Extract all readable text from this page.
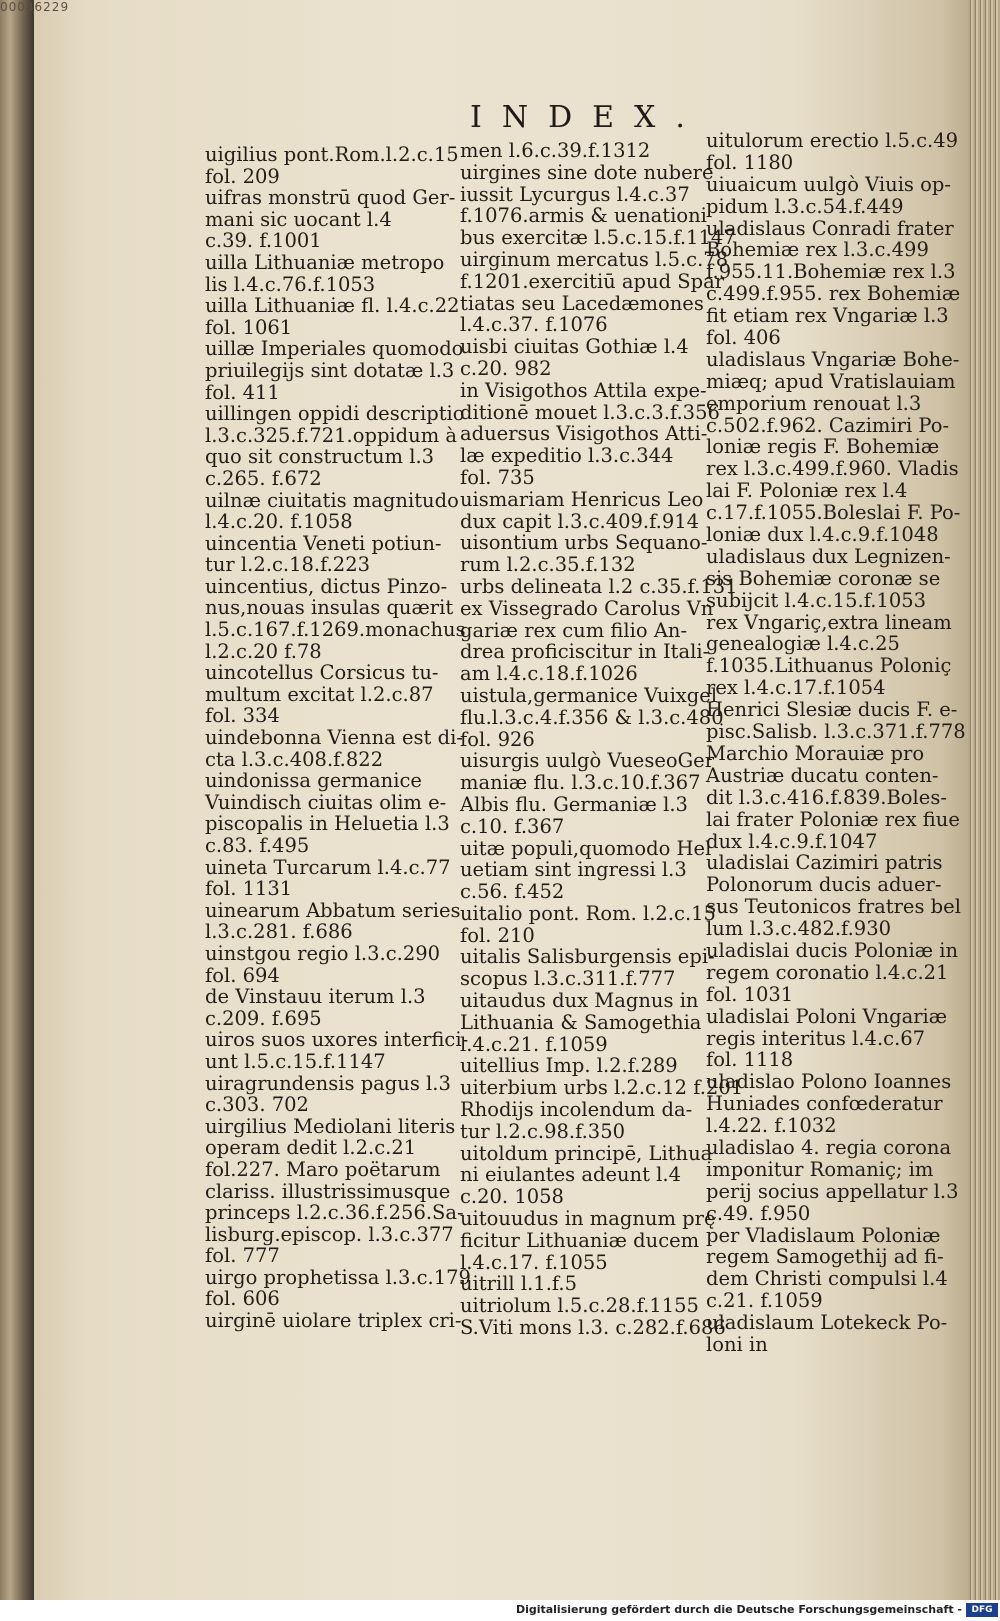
00036229
INDEX.
uigilius pont.Rom.l.2.c.15
fol. 209
uifras monstrū quod Ger-
mani sic uocant l.4
c.39. f.1001
uilla Lithuaniæ metropo
lis l.4.c.76.f.1053
uilla Lithuaniæ fl. l.4.c.22
fol. 1061
uillæ Imperiales quomodo
priuilegijs sint dotatæ l.3
fol. 411
uillingen oppidi descriptio
l.3.c.325.f.721.oppidum à
quo sit constructum l.3
c.265. f.672
uilnæ ciuitatis magnitudo
l.4.c.20. f.1058
uincentia Veneti potiun-
tur l.2.c.18.f.223
uincentius, dictus Pinzo-
nus,nouas insulas quærit
l.5.c.167.f.1269.monachus
l.2.c.20 f.78
uincotellus Corsicus tu-
multum excitat l.2.c.87
fol. 334
uindebonna Vienna est di-
cta l.3.c.408.f.822
uindonissa germanice
Vuindisch ciuitas olim e-
piscopalis in Heluetia l.3
c.83. f.495
uineta Turcarum l.4.c.77
fol. 1131
uinearum Abbatum series
l.3.c.281. f.686
uinstgou regio l.3.c.290
fol. 694
de Vinstauu iterum l.3
c.209. f.695
uiros suos uxores interfici-
unt l.5.c.15.f.1147
uiragrundensis pagus l.3
c.303. 702
uirgilius Mediolani literis
operam dedit l.2.c.21
fol.227. Maro poëtarum
clariss. illustrissimusque
princeps l.2.c.36.f.256.Sa-
lisburg.episcop. l.3.c.377
fol. 777
uirgo prophetissa l.3.c.179
fol. 606
uirginē uiolare triplex cri-
men l.6.c.39.f.1312
uirgines sine dote nubere
iussit Lycurgus l.4.c.37
f.1076.armis & uenationi
bus exercitæ l.5.c.15.f.1147
uirginum mercatus l.5.c.78
f.1201.exercitiū apud Spar
tiatas seu Lacedæmones
l.4.c.37. f.1076
uisbi ciuitas Gothiæ l.4
c.20. 982
in Visigothos Attila expe-
ditionē mouet l.3.c.3.f.356
aduersus Visigothos Atti-
læ expeditio l.3.c.344
fol. 735
uismariam Henricus Leo
dux capit l.3.c.409.f.914
uisontium urbs Sequano-
rum l.2.c.35.f.132
urbs delineata l.2 c.35.f.131
ex Vissegrado Carolus Vn
gariæ rex cum filio An-
drea proficiscitur in Itali-
am l.4.c.18.f.1026
uistula,germanice Vuixgel
flu.l.3.c.4.f.356 & l.3.c.480
fol. 926
uisurgis uulgò VueseoGer
maniæ flu. l.3.c.10.f.367
Albis flu. Germaniæ l.3
c.10. f.367
uitæ populi,quomodo Hel
uetiam sint ingressi l.3
c.56. f.452
uitalio pont. Rom. l.2.c.15
fol. 210
uitalis Salisburgensis epi-
scopus l.3.c.311.f.777
uitaudus dux Magnus in
Lithuania & Samogethia
l.4.c.21. f.1059
uitellius Imp. l.2.f.289
uiterbium urbs l.2.c.12 f.201
Rhodijs incolendum da-
tur l.2.c.98.f.350
uitoldum principē, Lithua
ni eiulantes adeunt l.4
c.20. 1058
uitouudus in magnum prę
ficitur Lithuaniæ ducem
l.4.c.17. f.1055
uitrill l.1.f.5
uitriolum l.5.c.28.f.1155
S.Viti mons l.3. c.282.f.686
uitulorum erectio l.5.c.49
fol. 1180
uiuaicum uulgò Viuis op-
pidum l.3.c.54.f.449
uladislaus Conradi frater
Bohemiæ rex l.3.c.499
f.955.11.Bohemiæ rex l.3
c.499.f.955. rex Bohemiæ
fit etiam rex Vngariæ l.3
fol. 406
uladislaus Vngariæ Bohe-
miæq; apud Vratislauiam
emporium renouat l.3
c.502.f.962. Cazimiri Po-
loniæ regis F. Bohemiæ
rex l.3.c.499.f.960. Vladis
lai F. Poloniæ rex l.4
c.17.f.1055.Boleslai F. Po-
loniæ dux l.4.c.9.f.1048
uladislaus dux Legnizen-
sis Bohemiæ coronæ se
subijcit l.4.c.15.f.1053
rex Vngariç,extra lineam
genealogiæ l.4.c.25
f.1035.Lithuanus Poloniç
rex l.4.c.17.f.1054
Henrici Slesiæ ducis F. e-
pisc.Salisb. l.3.c.371.f.778
Marchio Morauiæ pro
Austriæ ducatu conten-
dit l.3.c.416.f.839.Boles-
lai frater Poloniæ rex fiue
dux l.4.c.9.f.1047
uladislai Cazimiri patris
Polonorum ducis aduer-
sus Teutonicos fratres bel
lum l.3.c.482.f.930
uladislai ducis Poloniæ in
regem coronatio l.4.c.21
fol. 1031
uladislai Poloni Vngariæ
regis interitus l.4.c.67
fol. 1118
uladislao Polono Ioannes
Huniades confœderatur
l.4.22. f.1032
uladislao 4. regia corona
imponitur Romaniç; im
perij socius appellatur l.3
c.49. f.950
per Vladislaum Poloniæ
regem Samogethij ad fi-
dem Christi compulsi l.4
c.21. f.1059
uladislaum Lotekeck Po-
loni in
Digitalisierung gefördert durch die Deutsche Forschungsgemeinschaft -	DFG
